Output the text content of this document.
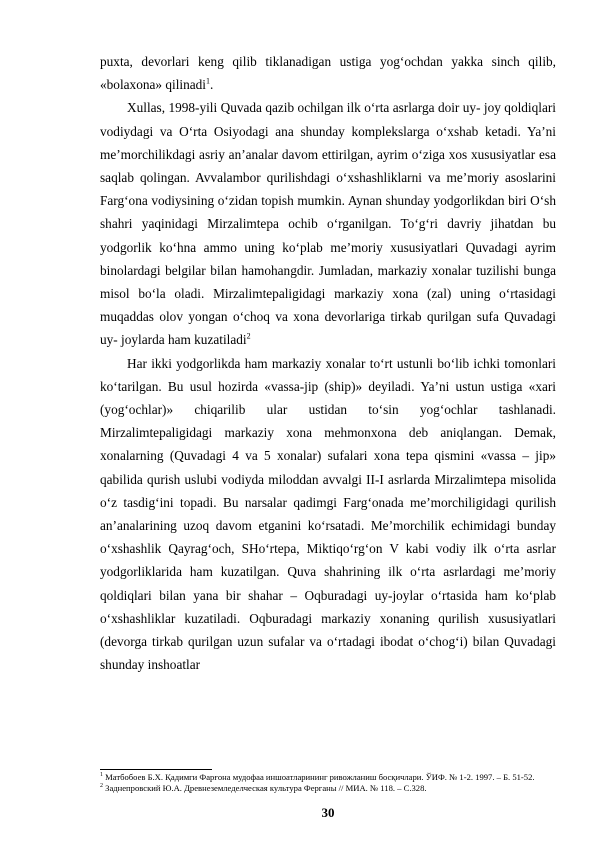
puxta, devorlari keng qilib tiklanadigan ustiga yog‘ochdan yakka sinch qilib, «bolaxona» qilinadi$^1$.

Xullas, 1998-yili Quvada qazib ochilgan ilk o‘rta asrlarga doir uy- joy qoldiqlari vodiydagi va O‘rta Osiyodagi ana shunday komplekslarga o‘xshab ketadi. Ya’ni me’morchilikdagi asriy an’analar davom ettirilgan, ayrim o‘ziga xos xususiyatlar esa saqlab qolingan. Avvalambor qurilishdagi o‘xshashliklarni va me’moriy asoslarini Farg‘ona vodiysining o‘zidan topish mumkin. Aynan shunday yodgorlikdan biri O‘sh shahri yaqinidagi Mirzalimtepa ochib o‘rganilgan. To‘g‘ri davriy jihatdan bu yodgorlik ko‘hna ammo uning ko‘plab me’moriy xususiyatlari Quvadagi ayrim binolardagi belgilar bilan hamohangdir. Jumladan, markaziy xonalar tuzilishi bunga misol bo‘la oladi. Mirzalimtepaligidagi markaziy xona (zal) uning o‘rtasidagi muqaddas olov yongan o‘choq va xona devorlariga tirkab qurilgan sufa Quvadagi uy- joylarda ham kuzatiladi$^2$

Har ikki yodgorlikda ham markaziy xonalar to‘rt ustunli bo‘lib ichki tomonlari ko‘tarilgan. Bu usul hozirda «vassa-jip (ship)» deyiladi. Ya’ni ustun ustiga «xari (yog‘ochlar)» chiqarilib ular ustidan to‘sin yog‘ochlar tashlanadi. Mirzalimtepaligidagi markaziy xona mehmonxona deb aniqlangan. Demak, xonalarning (Quvadagi 4 va 5 xonalar) sufalari xona tepa qismini «vassa – jip» qabilida qurish uslubi vodiyda miloddan avvalgi II-I asrlarda Mirzalimtepa misolida o‘z tasdig‘ini topadi. Bu narsalar qadimgi Farg‘onada me’morchiligidagi qurilish an’analarining uzoq davom etganini ko‘rsatadi. Me’morchilik echimidagi bunday o‘xshashlik Qayrag‘och, SHo‘rtepa, Miktiqo‘rg‘on V kabi vodiy ilk o‘rta asrlar yodgorliklarida ham kuzatilgan. Quva shahrining ilk o‘rta asrlardagi me’moriy qoldiqlari bilan yana bir shahar – Oqburadagi uy-joylar o‘rtasida ham ko‘plab o‘xshashliklar kuzatiladi. Oqburadagi markaziy xonaning qurilish xususiyatlari (devorga tirkab qurilgan uzun sufalar va o‘rtadagi ibodat o‘chog‘i) bilan Quvadagi shunday inshoatlar

$^1$ Матбобоев Б.Х. Қадимги Фарғона мудофаа иншоатларининг ривожланиш босқичлари. ЎИФ. № 1-2. 1997. – Б. 51-52.

$^2$ Заднепровский Ю.А. Древнеземледелческая культура Ферганы // МИА. № 118. – С.328.

30
